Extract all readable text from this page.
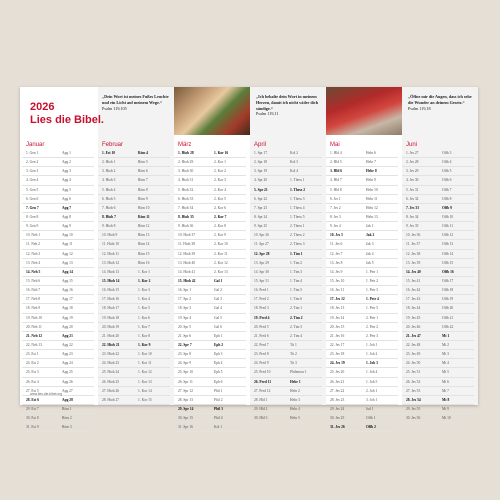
2026
Lies die Bibel.
„Dein Wort ist meines Fußes Leuchte und ein Licht auf meinem Wege.“
Psalm 119,105
„Ich behalte dein Wort in meinem Herzen, damit ich nicht wider dich sündige.“
Psalm 119,11
„Öffne mir die Augen, dass ich sehe die Wunder an deinem Gesetz.“
Psalm 119,18
Januar
1. Gen 1	Apg 1
2. Gen 2	Apg 2
3. Gen 3	Apg 3
4. Gen 4	Apg 4
5. Gen 5	Apg 5
6. Gen 6	Apg 6
7. Gen 7	Apg 7
8. Gen 8	Apg 8
9. Gen 9	Apg 9
10. Neh 1	Apg 10
11. Neh 2	Apg 11
12. Neh 3	Apg 12
13. Neh 4	Apg 13
14. Neh 5	Apg 14
15. Neh 6	Apg 15
16. Neh 7	Apg 16
17. Neh 8	Apg 17
18. Neh 9	Apg 18
19. Neh 10	Apg 19
20. Neh 11	Apg 20
21. Neh 12	Apg 21
22. Neh 13	Apg 22
23. Est 1	Apg 23
24. Est 2	Apg 24
25. Est 3	Apg 25
26. Est 4	Apg 26
27. Est 5	Apg 27
28. Est 6	Apg 28
29. Est 7	Röm 1
30. Est 8	Röm 2
31. Est 9	Röm 3
Februar
1. Est 10	Röm 4
2. Hiob 1	Röm 5
3. Hiob 2	Röm 6
4. Hiob 3	Röm 7
5. Hiob 4	Röm 8
6. Hiob 5	Röm 9
7. Hiob 6	Röm 10
8. Hiob 7	Röm 11
9. Hiob 8	Röm 12
10. Hiob 9	Röm 13
11. Hiob 10	Röm 14
12. Hiob 11	Röm 15
13. Hiob 12	Röm 16
14. Hiob 13	1. Kor 1
15. Hiob 14	1. Kor 2
16. Hiob 15	1. Kor 3
17. Hiob 16	1. Kor 4
18. Hiob 17	1. Kor 5
19. Hiob 18	1. Kor 6
20. Hiob 19	1. Kor 7
21. Hiob 20	1. Kor 8
22. Hiob 21	1. Kor 9
23. Hiob 22	1. Kor 10
24. Hiob 23	1. Kor 11
25. Hiob 24	1. Kor 12
26. Hiob 25	1. Kor 13
27. Hiob 26	1. Kor 14
28. Hiob 27	1. Kor 15
März
1. Hiob 28	1. Kor 16
2. Hiob 29	2. Kor 1
3. Hiob 30	2. Kor 2
4. Hiob 31	2. Kor 3
5. Hiob 32	2. Kor 4
6. Hiob 33	2. Kor 5
7. Hiob 34	2. Kor 6
8. Hiob 35	2. Kor 7
9. Hiob 36	2. Kor 8
10. Hiob 37	2. Kor 9
11. Hiob 38	2. Kor 10
12. Hiob 39	2. Kor 11
13. Hiob 40	2. Kor 12
14. Hiob 41	2. Kor 13
15. Hiob 42	Gal 1
16. Spr 1	Gal 2
17. Spr 2	Gal 3
18. Spr 3	Gal 4
19. Spr 4	Gal 5
20. Spr 5	Gal 6
21. Spr 6	Eph 1
22. Spr 7	Eph 2
23. Spr 8	Eph 3
24. Spr 9	Eph 4
25. Spr 10	Eph 5
26. Spr 11	Eph 6
27. Spr 12	Phil 1
28. Spr 13	Phil 2
29. Spr 14	Phil 3
30. Spr 15	Phil 4
31. Spr 16	Kol 1
April
1. Spr 17	Kol 2
2. Spr 18	Kol 3
3. Spr 19	Kol 4
4. Spr 20	1. Thess 1
5. Spr 21	1. Thess 2
6. Spr 22	1. Thess 3
7. Spr 23	1. Thess 4
8. Spr 24	1. Thess 5
9. Spr 25	2. Thess 1
10. Spr 26	2. Thess 2
11. Spr 27	2. Thess 3
12. Spr 28	1. Tim 1
13. Spr 29	1. Tim 2
14. Spr 30	1. Tim 3
15. Spr 31	1. Tim 4
16. Pred 1	1. Tim 5
17. Pred 2	1. Tim 6
18. Pred 3	2. Tim 1
19. Pred 4	2. Tim 2
20. Pred 5	2. Tim 3
21. Pred 6	2. Tim 4
22. Pred 7	Tit 1
23. Pred 8	Tit 2
24. Pred 9	Tit 3
25. Pred 10	Philemon 1
26. Pred 11	Hebr 1
27. Pred 12	Hebr 2
28. Hld 1	Hebr 3
29. Hld 2	Hebr 4
30. Hld 3	Hebr 5
Mai
1. Hld 4	Hebr 6
2. Hld 5	Hebr 7
3. Hld 6	Hebr 8
4. Hld 7	Hebr 9
5. Hld 8	Hebr 10
6. Jes 1	Hebr 11
7. Jes 2	Hebr 12
8. Jes 3	Hebr 13
9. Jes 4	Jak 1
10. Jes 5	Jak 2
11. Jes 6	Jak 3
12. Jes 7	Jak 4
13. Jes 8	Jak 5
14. Jes 9	1. Petr 1
15. Jes 10	1. Petr 2
16. Jes 11	1. Petr 3
17. Jes 12	1. Petr 4
18. Jes 13	1. Petr 5
19. Jes 14	2. Petr 1
20. Jes 15	2. Petr 2
21. Jes 16	2. Petr 3
22. Jes 17	1. Joh 1
23. Jes 18	1. Joh 2
24. Jes 19	1. Joh 3
25. Jes 20	1. Joh 4
26. Jes 21	1. Joh 5
27. Jes 22	2. Joh 1
28. Jes 23	3. Joh 1
29. Jes 24	Jud 1
30. Jes 25	Offb 1
31. Jes 26	Offb 2
Juni
1. Jes 27	Offb 3
2. Jes 28	Offb 4
3. Jes 29	Offb 5
4. Jes 30	Offb 6
5. Jes 31	Offb 7
6. Jes 32	Offb 8
7. Jes 33	Offb 9
8. Jes 34	Offb 10
9. Jes 35	Offb 11
10. Jes 36	Offb 12
11. Jes 37	Offb 13
12. Jes 38	Offb 14
13. Jes 39	Offb 15
14. Jes 40	Offb 16
15. Jes 41	Offb 17
16. Jes 42	Offb 18
17. Jes 43	Offb 19
18. Jes 44	Offb 20
19. Jes 45	Offb 21
20. Jes 46	Offb 22
21. Jes 47	Mt 1
22. Jes 48	Mt 2
23. Jes 49	Mt 3
24. Jes 50	Mt 4
25. Jes 51	Mt 5
26. Jes 52	Mt 6
27. Jes 53	Mt 7
28. Jes 54	Mt 8
29. Jes 55	Mt 9
30. Jes 56	Mt 10
www.lies-die-bibel.org
